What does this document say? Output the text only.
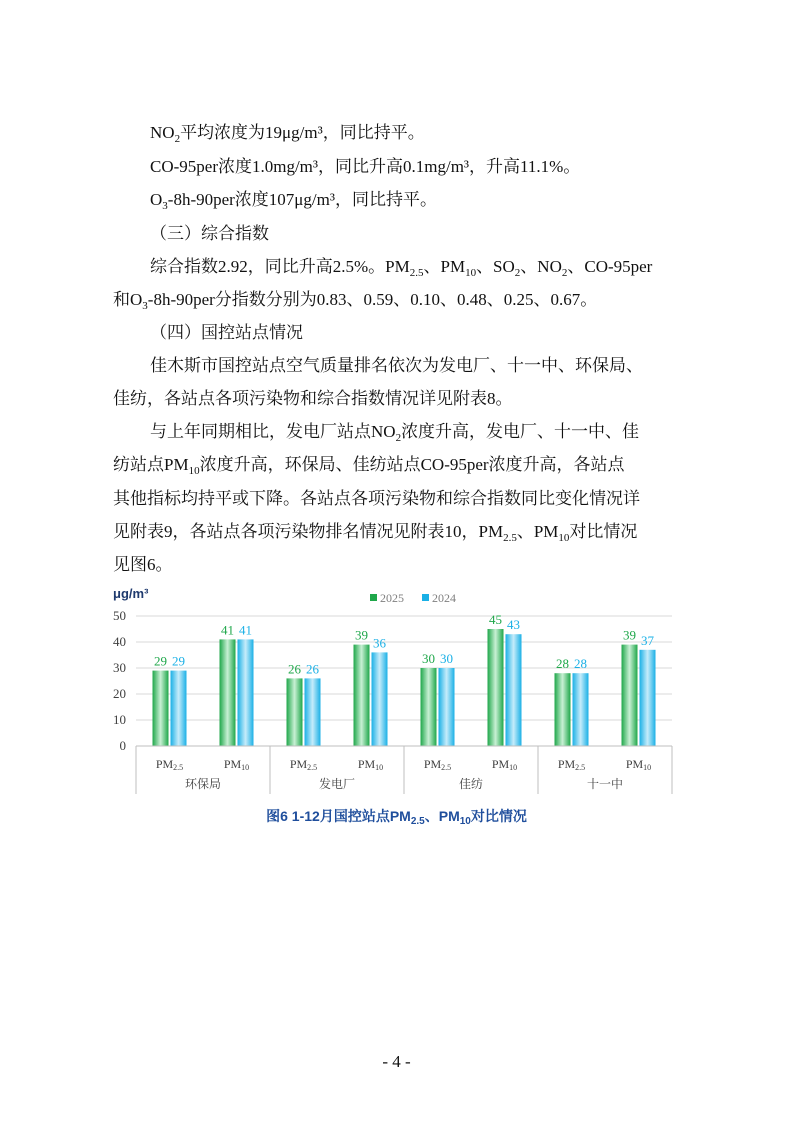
$NO_2$平均浓度为19μg/m³，同比持平。
CO-95per浓度1.0mg/m³，同比升高0.1mg/m³，升高11.1%。
$O_3-8h-90per$浓度107μg/m³，同比持平。
（三）综合指数
综合指数2.92，同比升高2.5%。$PM_{2.5}$、$PM_{10}$、$SO_2$、$NO_2$、CO-95per
和$O_3-8h-90per$分指数分别为0.83、0.59、0.10、0.48、0.25、0.67。
（四）国控站点情况
佳木斯市国控站点空气质量排名依次为发电厂、十一中、环保局、
佳纺，各站点各项污染物和综合指数情况详见附表8。
与上年同期相比，发电厂站点$NO_2$浓度升高，发电厂、十一中、佳
纺站点$PM_{10}$浓度升高，环保局、佳纺站点CO-95per浓度升高，各站点
其他指标均持平或下降。各站点各项污染物和综合指数同比变化情况详
见附表9，各站点各项污染物排名情况见附表10，$PM_{2.5}$、$PM_{10}$对比情况
见图6。
μg/m³
29 29
41 41
26 26
39
36
30 30
45 43
28 28
39 37
0
10
20
30
40
50
PM2.5	PM10	PM2.5	PM10	PM2.5	PM10	PM2.5	PM10
环保局	发电厂	佳纺	十一中
2025 2024
图6 1-12月国控站点$PM_{2.5}$、$PM_{10}$对比情况
- 4 -
